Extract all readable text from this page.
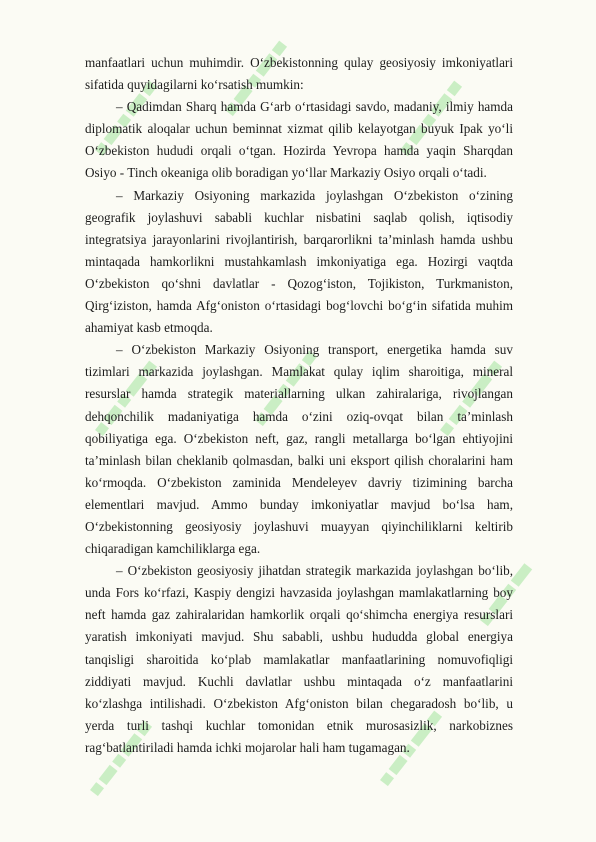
manfaatlari uchun muhimdir. O‘zbekistonning qulay geosiyosiy imkoniyatlari sifatida quyidagilarni ko‘rsatish mumkin:

– Qadimdan Sharq hamda G‘arb o‘rtasidagi savdo, madaniy, ilmiy hamda diplomatik aloqalar uchun beminnat xizmat qilib kelayotgan buyuk Ipak yo‘li O‘zbekiston hududi orqali o‘tgan. Hozirda Yevropa hamda yaqin Sharqdan Osiyo - Tinch okeaniga olib boradigan yo‘llar Markaziy Osiyo orqali o‘tadi.

– Markaziy Osiyoning markazida joylashgan O‘zbekiston o‘zining geografik joylashuvi sababli kuchlar nisbatini saqlab qolish, iqtisodiy integratsiya jarayonlarini rivojlantirish, barqarorlikni ta’minlash hamda ushbu mintaqada hamkorlikni mustahkamlash imkoniyatiga ega. Hozirgi vaqtda O‘zbekiston qo‘shni davlatlar - Qozog‘iston, Tojikiston, Turkmaniston, Qirg‘iziston, hamda Afg‘oniston o‘rtasidagi bog‘lovchi bo‘g‘in sifatida muhim ahamiyat kasb etmoqda.

– O‘zbekiston Markaziy Osiyoning transport, energetika hamda suv tizimlari markazida joylashgan. Mamlakat qulay iqlim sharoitiga, mineral resurslar hamda strategik materiallarning ulkan zahiralariga, rivojlangan dehqonchilik madaniyatiga hamda o‘zini oziq-ovqat bilan ta’minlash qobiliyatiga ega. O‘zbekiston neft, gaz, rangli metallarga bo‘lgan ehtiyojini ta’minlash bilan cheklanib qolmasdan, balki uni eksport qilish choralarini ham ko‘rmoqda. O‘zbekiston zaminida Mendeleyev davriy tizimining barcha elementlari mavjud. Ammo bunday imkoniyatlar mavjud bo‘lsa ham, O‘zbekistonning geosiyosiy joylashuvi muayyan qiyinchiliklarni keltirib chiqaradigan kamchiliklarga ega.

– O‘zbekiston geosiyosiy jihatdan strategik markazida joylashgan bo‘lib, unda Fors ko‘rfazi, Kaspiy dengizi havzasida joylashgan mamlakatlarning boy neft hamda gaz zahiralaridan hamkorlik orqali qo‘shimcha energiya resurslari yaratish imkoniyati mavjud. Shu sababli, ushbu hududda global energiya tanqisligi sharoitida ko‘plab mamlakatlar manfaatlarining nomuvofiqligi ziddiyati mavjud. Kuchli davlatlar ushbu mintaqada o‘z manfaatlarini ko‘zlashga intilishadi. O‘zbekiston Afg‘oniston bilan chegaradosh bo‘lib, u yerda turli tashqi kuchlar tomonidan etnik murosasizlik, narkobiznes rag‘batlantiriladi hamda ichki mojarolar hali ham tugamagan.
